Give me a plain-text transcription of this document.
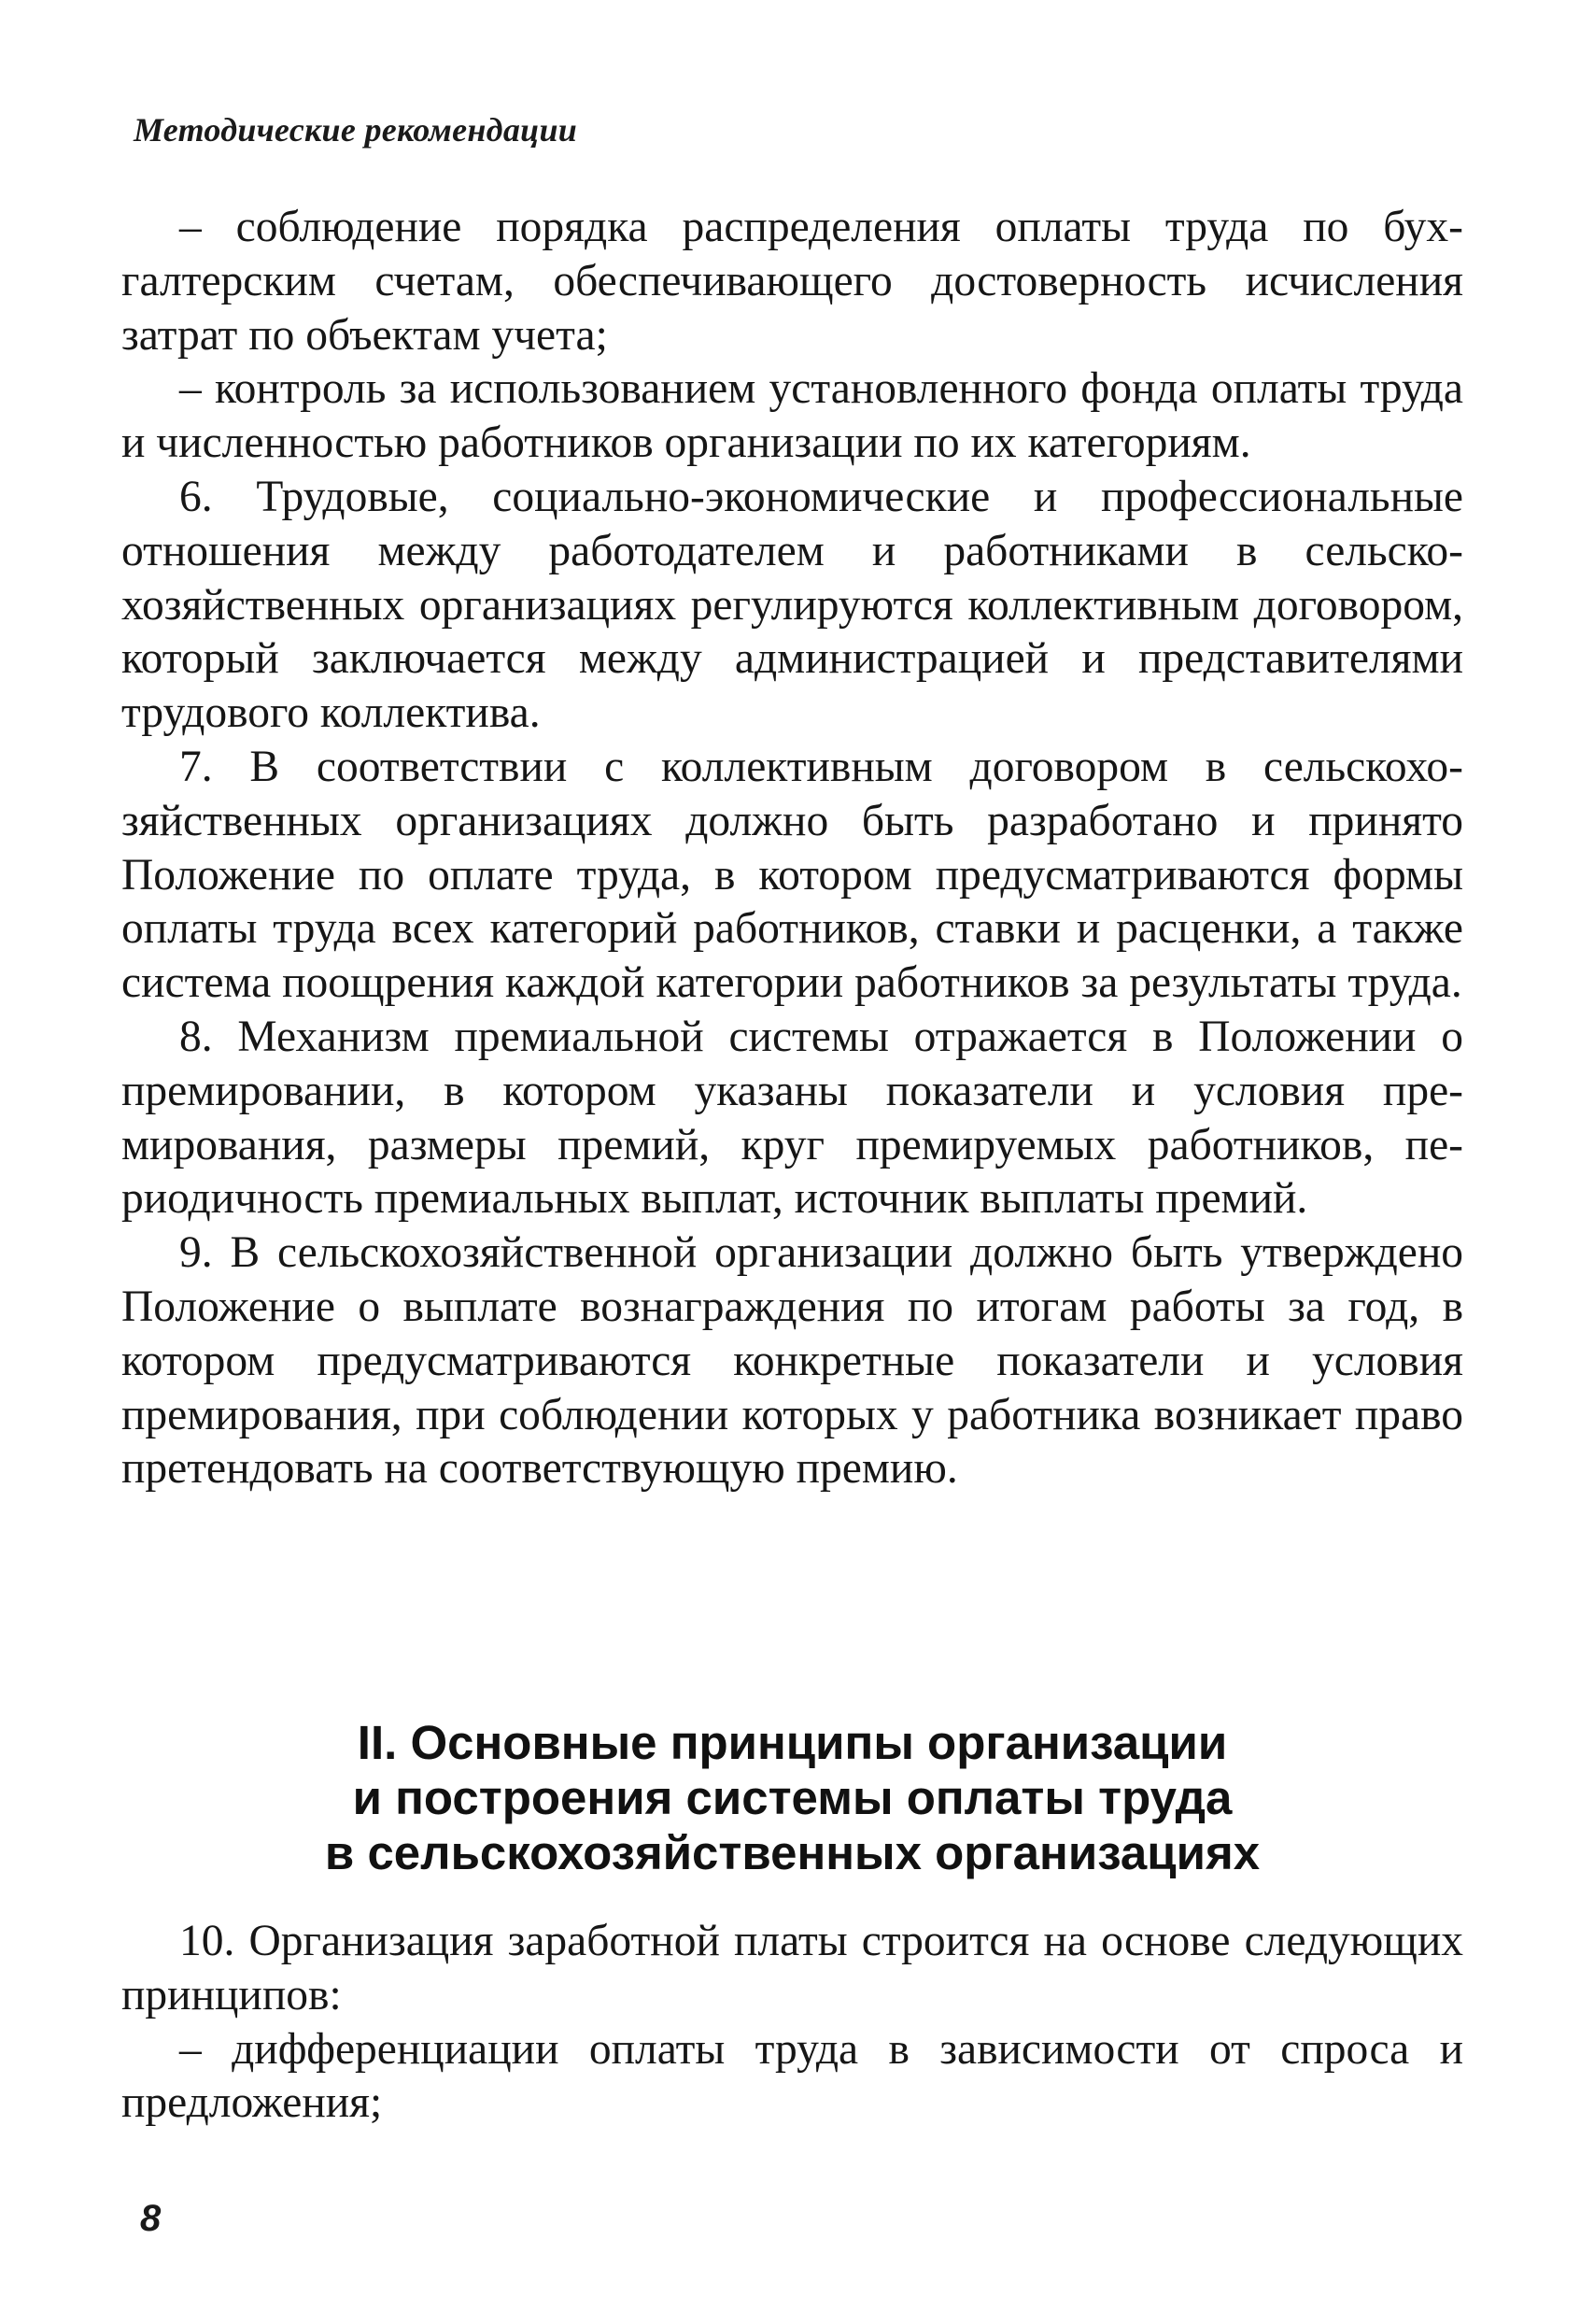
Методические рекомендации

– соблюдение порядка распределения оплаты труда по бухгалтерским счетам, обеспечивающего достоверность исчисления затрат по объектам учета;

– контроль за использованием установленного фонда оплаты труда и численностью работников организации по их категориям.

6. Трудовые, социально-экономические и профессиональные отношения между работодателем и работниками в сельскохозяйственных организациях регулируются коллективным договором, который заключается между администрацией и представителями трудового коллектива.

7. В соответствии с коллективным договором в сельскохозяйственных организациях должно быть разработано и принято Положение по оплате труда, в котором предусматриваются формы оплаты труда всех категорий работников, ставки и расценки, а также система поощрения каждой категории работников за результаты труда.

8. Механизм премиальной системы отражается в Положении о премировании, в котором указаны показатели и условия премирования, размеры премий, круг премируемых работников, периодичность премиальных выплат, источник выплаты премий.

9. В сельскохозяйственной организации должно быть утверждено Положение о выплате вознаграждения по итогам работы за год, в котором предусматриваются конкретные показатели и условия премирования, при соблюдении которых у работника возникает право претендовать на соответствующую премию.

II. Основные принципы организации
и построения системы оплаты труда
в сельскохозяйственных организациях

10. Организация заработной платы строится на основе следующих принципов:

– дифференциации оплаты труда в зависимости от спроса и предложения;

8
